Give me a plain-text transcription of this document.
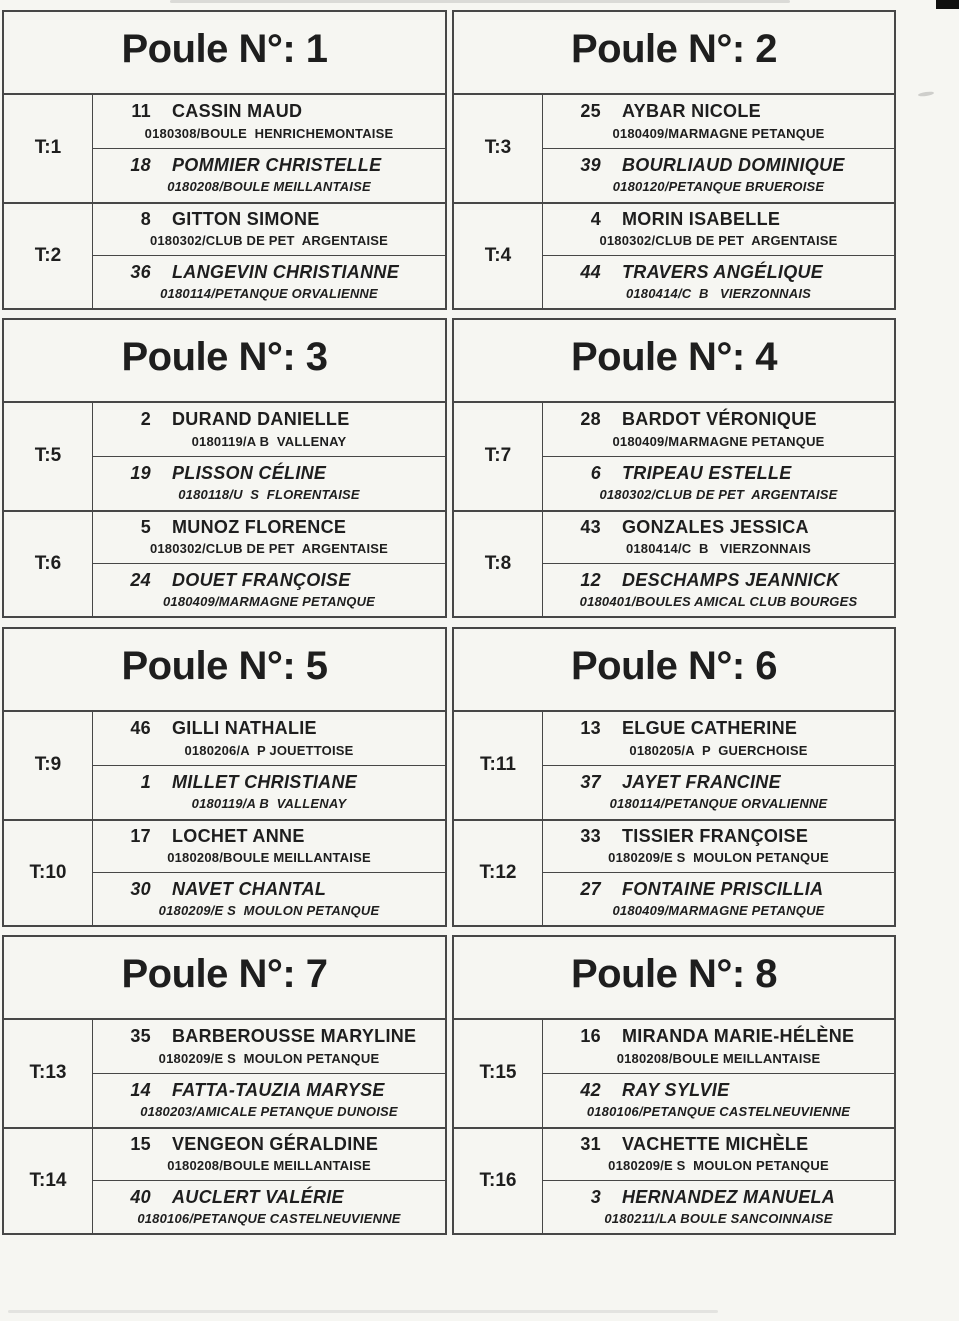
Poule N°: 1
T:1
11 CASSIN MAUD
0180308/BOULE  HENRICHEMONTAISE
18 POMMIER CHRISTELLE
0180208/BOULE MEILLANTAISE
T:2
8 GITTON SIMONE
0180302/CLUB DE PET  ARGENTAISE
36 LANGEVIN CHRISTIANNE
0180114/PETANQUE ORVALIENNE
Poule N°: 2
T:3
25 AYBAR NICOLE
0180409/MARMAGNE PETANQUE
39 BOURLIAUD DOMINIQUE
0180120/PETANQUE BRUEROISE
T:4
4 MORIN ISABELLE
0180302/CLUB DE PET  ARGENTAISE
44 TRAVERS ANGÉLIQUE
0180414/C  B   VIERZONNAIS
Poule N°: 3
T:5
2 DURAND DANIELLE
0180119/A B  VALLENAY
19 PLISSON CÉLINE
0180118/U  S  FLORENTAISE
T:6
5 MUNOZ FLORENCE
0180302/CLUB DE PET  ARGENTAISE
24 DOUET FRANÇOISE
0180409/MARMAGNE PETANQUE
Poule N°: 4
T:7
28 BARDOT VÉRONIQUE
0180409/MARMAGNE PETANQUE
6 TRIPEAU ESTELLE
0180302/CLUB DE PET  ARGENTAISE
T:8
43 GONZALES JESSICA
0180414/C  B   VIERZONNAIS
12 DESCHAMPS JEANNICK
0180401/BOULES AMICAL CLUB BOURGES
Poule N°: 5
T:9
46 GILLI NATHALIE
0180206/A  P JOUETTOISE
1 MILLET CHRISTIANE
0180119/A B  VALLENAY
T:10
17 LOCHET ANNE
0180208/BOULE MEILLANTAISE
30 NAVET CHANTAL
0180209/E S  MOULON PETANQUE
Poule N°: 6
T:11
13 ELGUE CATHERINE
0180205/A  P  GUERCHOISE
37 JAYET FRANCINE
0180114/PETANQUE ORVALIENNE
T:12
33 TISSIER FRANÇOISE
0180209/E S  MOULON PETANQUE
27 FONTAINE PRISCILLIA
0180409/MARMAGNE PETANQUE
Poule N°: 7
T:13
35 BARBEROUSSE MARYLINE
0180209/E S  MOULON PETANQUE
14 FATTA-TAUZIA MARYSE
0180203/AMICALE PETANQUE DUNOISE
T:14
15 VENGEON GÉRALDINE
0180208/BOULE MEILLANTAISE
40 AUCLERT VALÉRIE
0180106/PETANQUE CASTELNEUVIENNE
Poule N°: 8
T:15
16 MIRANDA MARIE-HÉLÈNE
0180208/BOULE MEILLANTAISE
42 RAY SYLVIE
0180106/PETANQUE CASTELNEUVIENNE
T:16
31 VACHETTE MICHÈLE
0180209/E S  MOULON PETANQUE
3 HERNANDEZ MANUELA
0180211/LA BOULE SANCOINNAISE
